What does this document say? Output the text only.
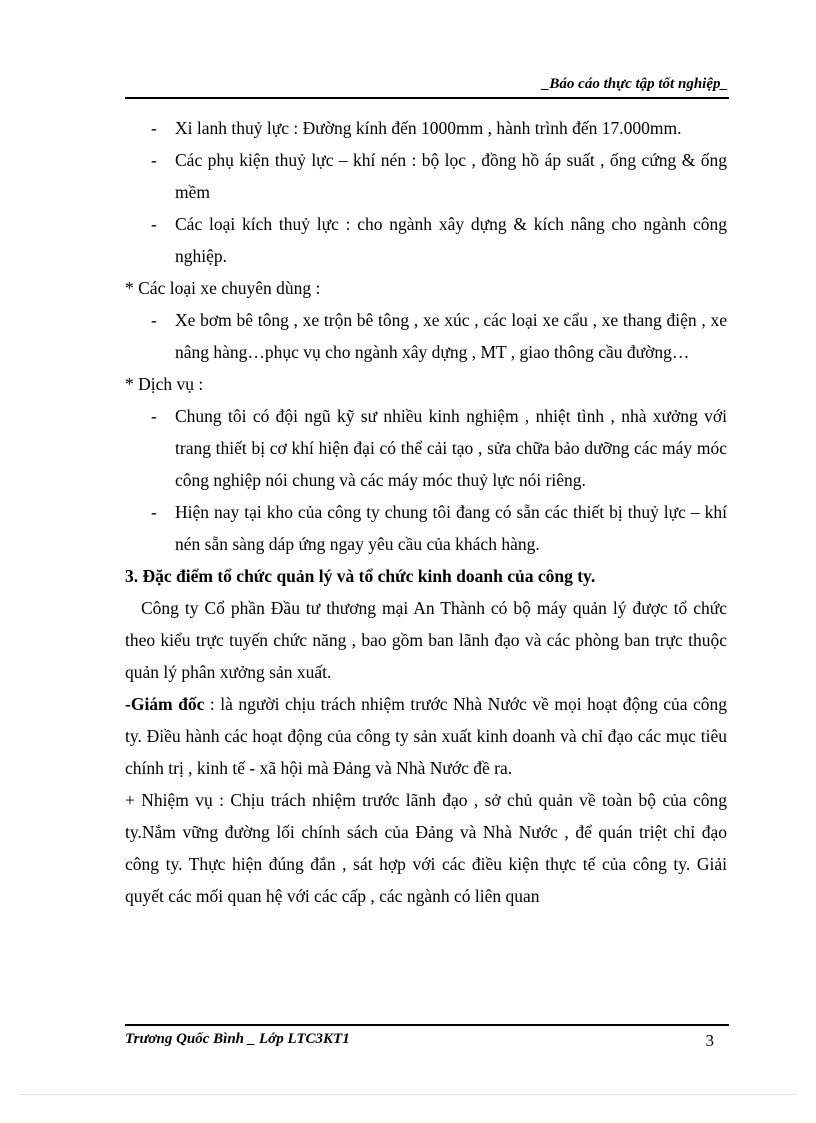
_Báo cáo thực tập tốt nghiệp_
- Xi lanh thuỷ lực : Đường kính đến 1000mm , hành trình đến 17.000mm.
- Các phụ kiện thuỷ lực – khí nén : bộ lọc , đồng hồ áp suất , ống cứng & ống mềm
- Các loại kích thuỷ lực : cho ngành xây dựng & kích nâng cho ngành công nghiệp.

* Các loại xe chuyên dùng :

- Xe bơm bê tông , xe trộn bê tông , xe xúc , các loại xe cẩu , xe thang điện , xe nâng hàng…phục vụ cho ngành xây dựng , MT , giao thông cầu đường…

* Dịch vụ :

- Chung tôi có đội ngũ kỹ sư nhiều kinh nghiệm , nhiệt tình , nhà xưởng với trang thiết bị cơ khí hiện đại có thể cải tạo , sửa chữa bảo dưỡng các máy móc công nghiệp nói chung và các máy móc thuỷ lực nói riêng.
- Hiện nay tại kho của công ty chung tôi đang có sẵn các thiết bị thuỷ lực – khí nén sẵn sàng dáp ứng ngay yêu cầu của khách hàng.

3. Đặc điểm tổ chức quản lý và tổ chức kinh doanh của công ty.

Công ty Cổ phần Đầu tư thương mại An Thành có bộ máy quản lý được tổ chức theo kiểu trực tuyến chức năng , bao gồm ban lãnh đạo và các phòng ban trực thuộc quản lý phân xưởng sản xuất.

-Giám đốc : là người chịu trách nhiệm trước Nhà Nước về mọi hoạt động của công ty. Điều hành các hoạt động của công ty sản xuất kinh doanh và chỉ đạo các mục tiêu chính trị , kinh tế - xã hội mà Đảng và Nhà Nước đề ra.

+ Nhiệm vụ : Chịu trách nhiệm trước lãnh đạo , sở chủ quản về toàn bộ của công ty.Nắm vững đường lối chính sách của Đảng và Nhà Nước , để quán triệt chỉ đạo công ty. Thực hiện đúng đắn , sát hợp với các điều kiện thực tế của công ty. Giải quyết các mối quan hệ với các cấp , các ngành có liên quan

Trương Quốc Bình _ Lớp LTC3KT1	3
